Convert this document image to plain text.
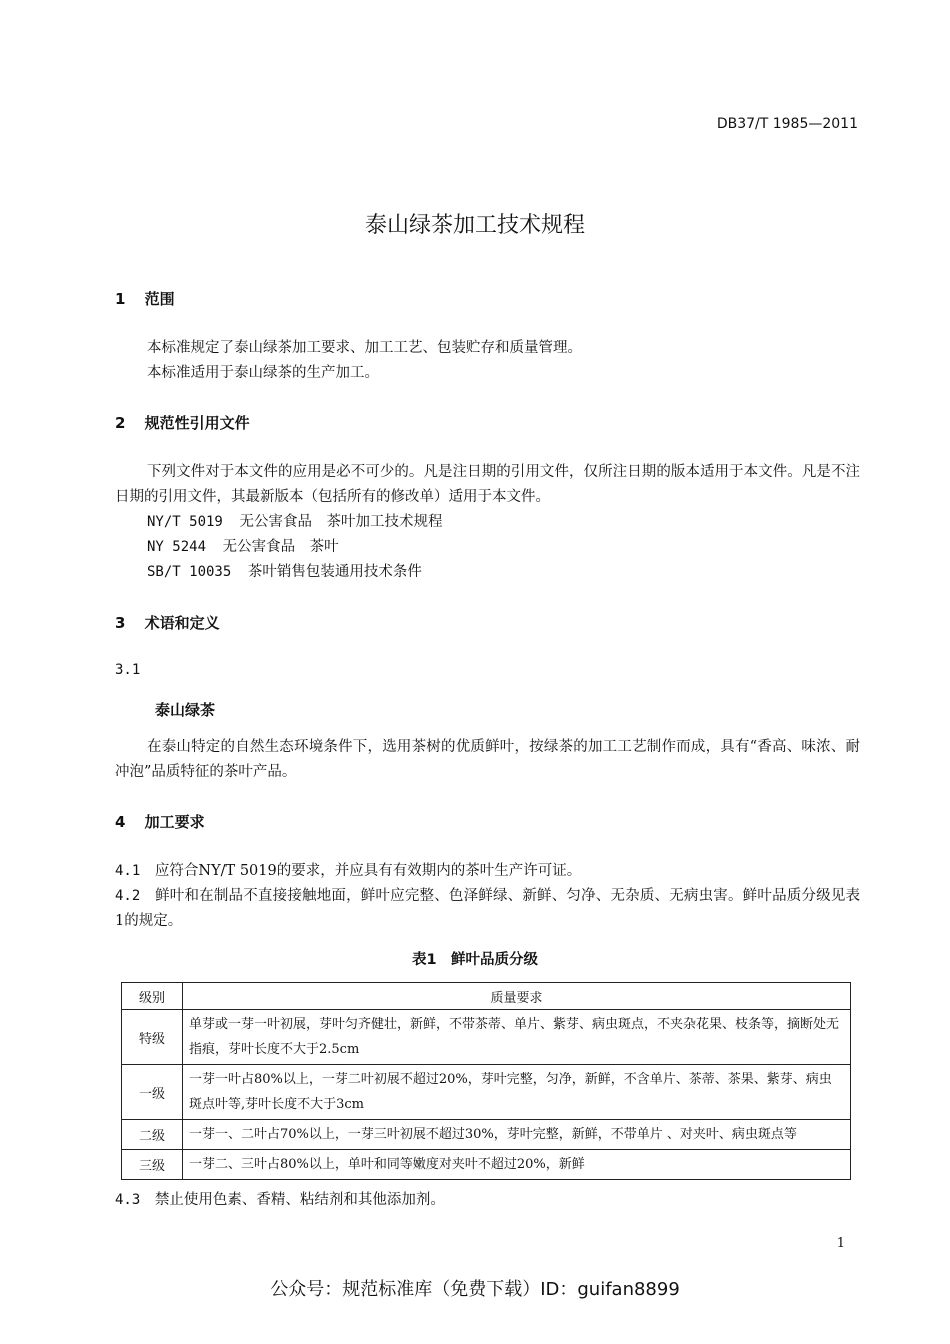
DB37/T 1985—2011
泰山绿茶加工技术规程
1 范围
本标准规定了泰山绿茶加工要求、加工工艺、包装贮存和质量管理。
本标准适用于泰山绿茶的生产加工。
2 规范性引用文件
下列文件对于本文件的应用是必不可少的。凡是注日期的引用文件，仅所注日期的版本适用于本文件。凡是不注日期的引用文件，其最新版本（包括所有的修改单）适用于本文件。
NY/T 5019 无公害食品　茶叶加工技术规程
NY 5244 无公害食品　茶叶
SB/T 10035 茶叶销售包装通用技术条件
3 术语和定义
3.1
泰山绿茶
在泰山特定的自然生态环境条件下，选用茶树的优质鲜叶，按绿茶的加工工艺制作而成，具有“香高、味浓、耐冲泡”品质特征的茶叶产品。
4 加工要求
4.1 应符合NY/T 5019的要求，并应具有有效期内的茶叶生产许可证。
4.2 鲜叶和在制品不直接接触地面，鲜叶应完整、色泽鲜绿、新鲜、匀净、无杂质、无病虫害。鲜叶品质分级见表1的规定。
表1　鲜叶品质分级
级别	质量要求
特级	单芽或一芽一叶初展，芽叶匀齐健壮，新鲜，不带茶蒂、单片、紫芽、病虫斑点，不夹杂花果、枝条等，摘断处无指痕，芽叶长度不大于2.5cm
一级	一芽一叶占80%以上，一芽二叶初展不超过20%，芽叶完整，匀净，新鲜，不含单片、茶蒂、茶果、紫芽、病虫斑点叶等,芽叶长度不大于3cm
二级	一芽一、二叶占70%以上，一芽三叶初展不超过30%，芽叶完整，新鲜，不带单片 、对夹叶、病虫斑点等
三级	一芽二、三叶占80%以上，单叶和同等嫩度对夹叶不超过20%，新鲜
4.3 禁止使用色素、香精、粘结剂和其他添加剂。
1
公众号：规范标准库（免费下载）ID：guifan8899
